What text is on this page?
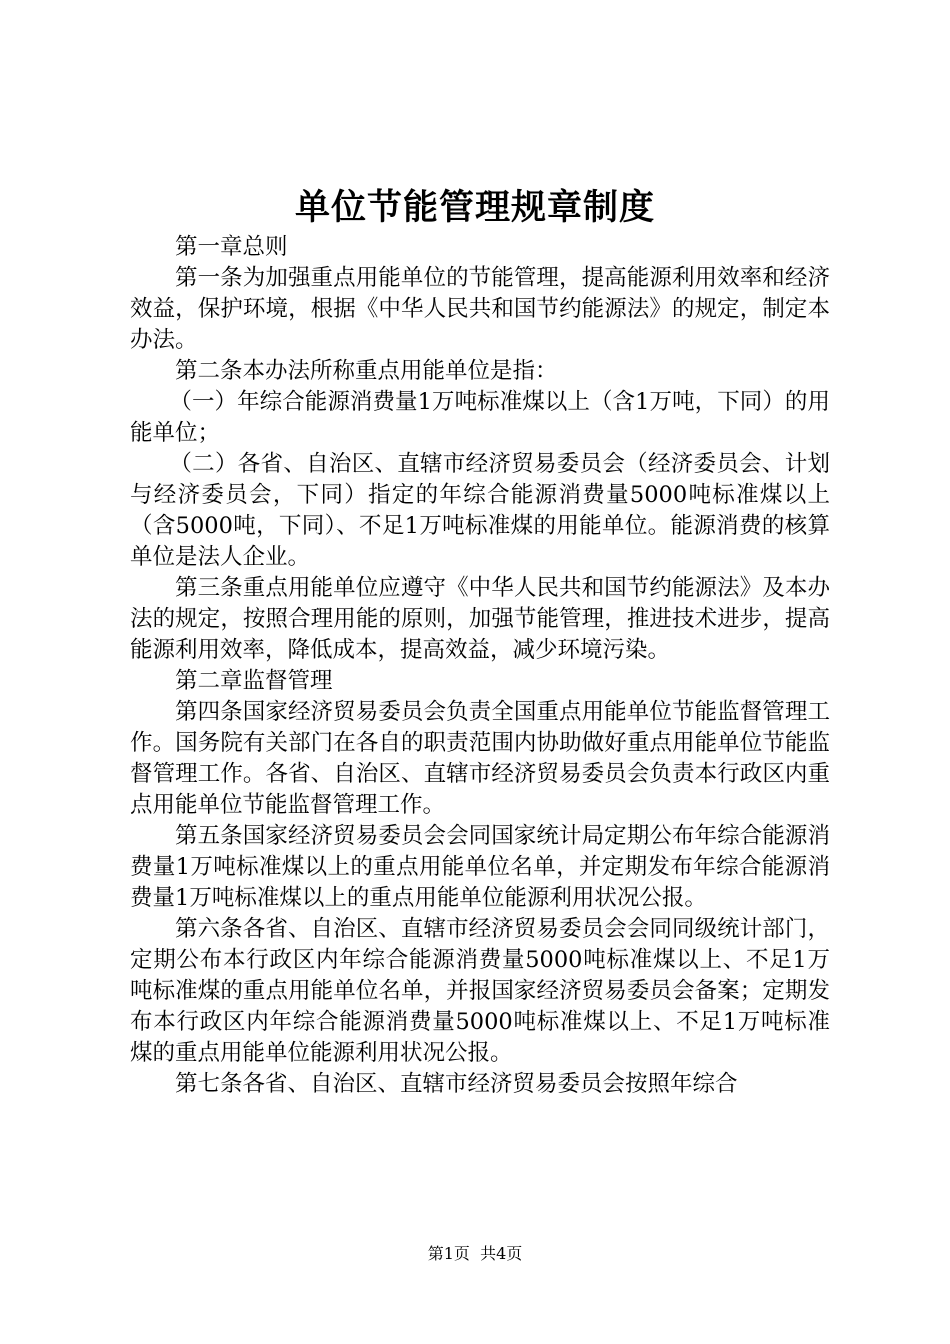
单位节能管理规章制度

第一章总则

第一条为加强重点用能单位的节能管理，提高能源利用效率和经济效益，保护环境，根据《中华人民共和国节约能源法》的规定，制定本办法。

第二条本办法所称重点用能单位是指：

（一）年综合能源消费量1万吨标准煤以上（含1万吨，下同）的用能单位；

（二）各省、自治区、直辖市经济贸易委员会（经济委员会、计划与经济委员会，下同）指定的年综合能源消费量5000吨标准煤以上（含5000吨，下同）、不足1万吨标准煤的用能单位。能源消费的核算单位是法人企业。

第三条重点用能单位应遵守《中华人民共和国节约能源法》及本办法的规定，按照合理用能的原则，加强节能管理，推进技术进步，提高能源利用效率，降低成本，提高效益，减少环境污染。

第二章监督管理

第四条国家经济贸易委员会负责全国重点用能单位节能监督管理工作。国务院有关部门在各自的职责范围内协助做好重点用能单位节能监督管理工作。各省、自治区、直辖市经济贸易委员会负责本行政区内重点用能单位节能监督管理工作。

第五条国家经济贸易委员会会同国家统计局定期公布年综合能源消费量1万吨标准煤以上的重点用能单位名单，并定期发布年综合能源消费量1万吨标准煤以上的重点用能单位能源利用状况公报。

第六条各省、自治区、直辖市经济贸易委员会会同同级统计部门，定期公布本行政区内年综合能源消费量5000吨标准煤以上、不足1万吨标准煤的重点用能单位名单，并报国家经济贸易委员会备案；定期发布本行政区内年综合能源消费量5000吨标准煤以上、不足1万吨标准煤的重点用能单位能源利用状况公报。

第七条各省、自治区、直辖市经济贸易委员会按照年综合

第1页  共4页
